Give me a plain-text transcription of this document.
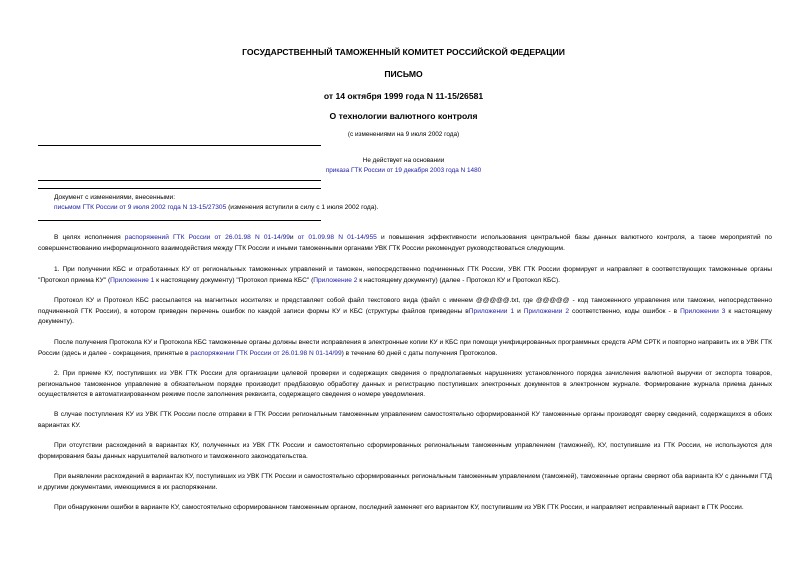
ГОСУДАРСТВЕННЫЙ ТАМОЖЕННЫЙ КОМИТЕТ РОССИЙСКОЙ ФЕДЕРАЦИИ
ПИСЬМО
от 14 октября 1999 года N 11-15/26581
О технологии валютного контроля
(с изменениями на 9 июля 2002 года)
Не действует на основании
приказа ГТК России от 19 декабря 2003 года N 1480
Документ с изменениями, внесенными:
письмом ГТК России от 9 июля 2002 года N 13-15/27305 (изменения вступили в силу с 1 июля 2002 года).
В целях исполнения распоряжений ГТК России от 26.01.98 N 01-14/99и от 01.09.98 N 01-14/955 и повышения эффективности использования центральной базы данных валютного контроля, а также мероприятий по совершенствованию информационного взаимодействия между ГТК России и иными таможенными органами УВК ГТК России рекомендует руководствоваться следующим.
1. При получении КБС и отработанных КУ от региональных таможенных управлений и таможен, непосредственно подчиненных ГТК России, УВК ГТК России формирует и направляет в соответствующих таможенные органы "Протокол приема КУ" (Приложение 1 к настоящему документу) "Протокол приема КБС" (Приложение 2 к настоящему документу) (далее - Протокол КУ и Протокол КБС).
Протокол КУ и Протокол КБС рассылается на магнитных носителях и представляет собой файл текстового вида (файл с именем @@@@@.txt, где @@@@@ - код таможенного управления или таможни, непосредственно подчиненной ГТК России), в котором приведен перечень ошибок по каждой записи формы КУ и КБС (структуры файлов приведены вПриложении 1 и Приложении 2 соответственно, коды ошибок - в Приложении 3 к настоящему документу).
После получения Протокола КУ и Протокола КБС таможенные органы должны внести исправления в электронные копии КУ и КБС при помощи унифицированных программных средств АРМ СРТК и повторно направить их в УВК ГТК России (здесь и далее - сокращения, принятые в распоряжении ГТК России от 26.01.98 N 01-14/99) в течение 60 дней с даты получения Протоколов.
2. При приеме КУ, поступивших из УВК ГТК России для организации целевой проверки и содержащих сведения о предполагаемых нарушениях установленного порядка зачисления валютной выручки от экспорта товаров, региональное таможенное управление в обязательном порядке производит предбазовую обработку данных и регистрацию поступивших электронных документов в электронном журнале. Формирование журнала приема данных осуществляется в автоматизированном режиме после заполнения реквизита, содержащего сведения о номере уведомления.
В случае поступления КУ из УВК ГТК России после отправки в ГТК России региональным таможенным управлением самостоятельно сформированной КУ таможенные органы производят сверку сведений, содержащихся в обоих вариантах КУ.
При отсутствии расхождений в вариантах КУ, полученных из УВК ГТК России и самостоятельно сформированных региональным таможенным управлением (таможней), КУ, поступившие из ГТК России, не используются для формирования базы данных нарушителей валютного и таможенного законодательства.
При выявлении расхождений в вариантах КУ, поступивших из УВК ГТК России и самостоятельно сформированных региональным таможенным управлением (таможней), таможенные органы сверяют оба варианта КУ с данными ГТД и другими документами, имеющимися в их распоряжении.
При обнаружении ошибки в варианте КУ, самостоятельно сформированном таможенным органом, последний заменяет его вариантом КУ, поступившим из УВК ГТК России, и направляет исправленный вариант в ГТК России.
